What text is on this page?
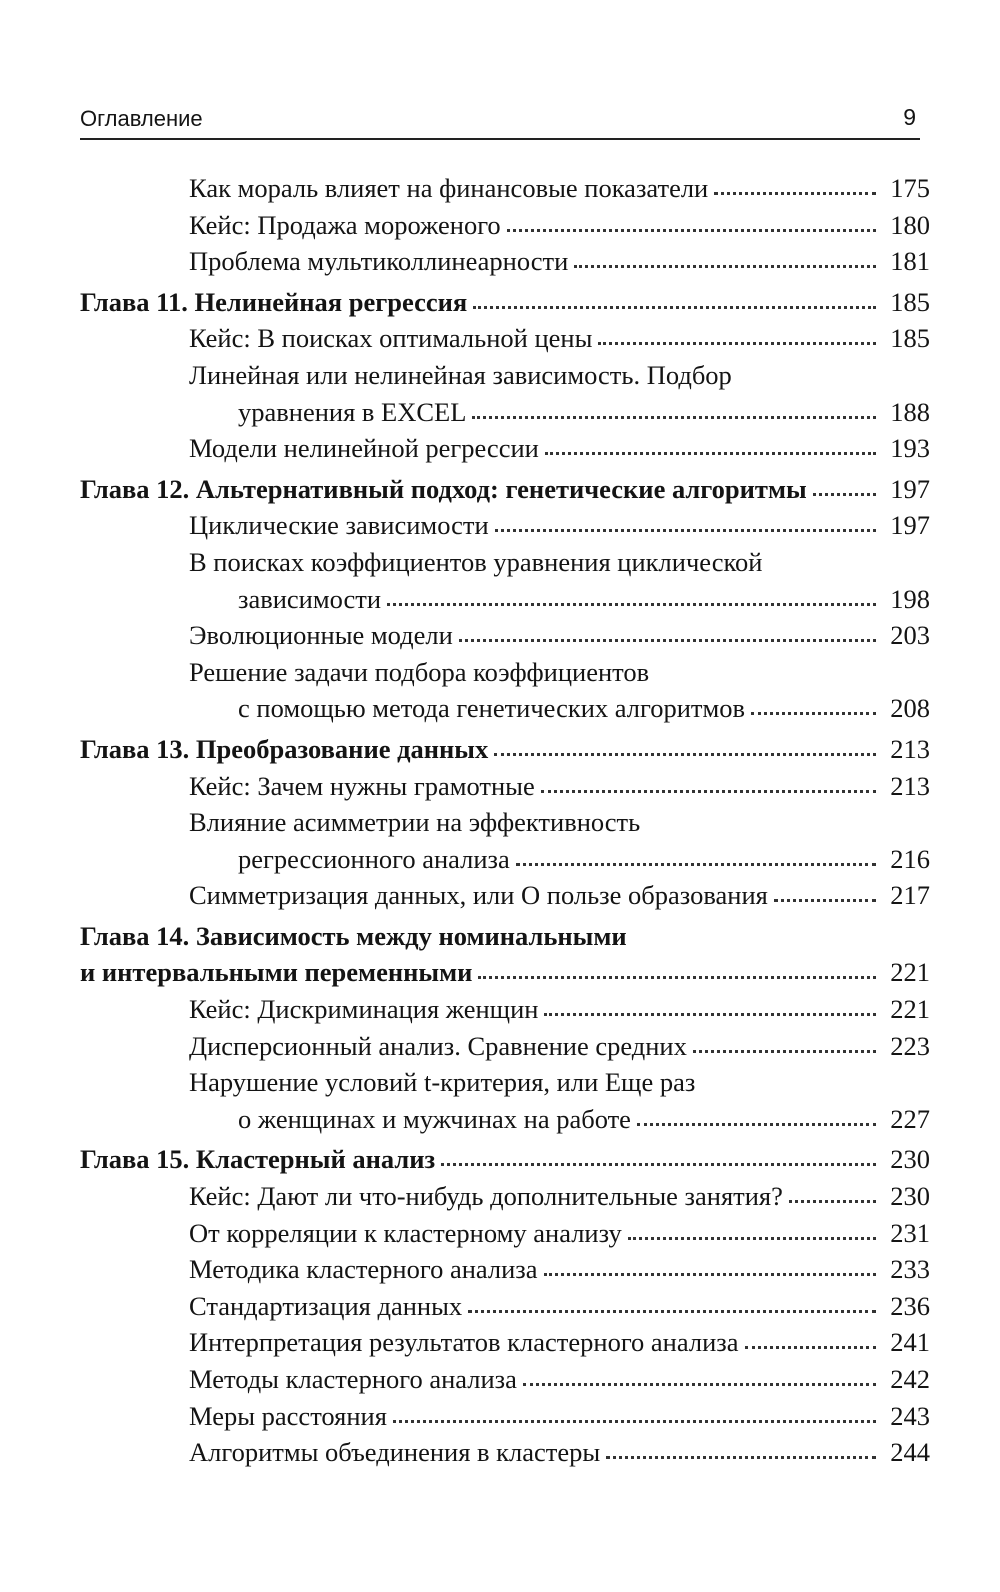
Оглавление	9
Как мораль влияет на финансовые показатели	175
Кейс: Продажа мороженого	180
Проблема мультиколлинеарности	181
Глава 11. Нелинейная регрессия	185
Кейс: В поисках оптимальной цены	185
Линейная или нелинейная зависимость. Подбор
уравнения в EXCEL	188
Модели нелинейной регрессии	193
Глава 12. Альтернативный подход: генетические алгоритмы	197
Циклические зависимости	197
В поисках коэффициентов уравнения циклической
зависимости	198
Эволюционные модели	203
Решение задачи подбора коэффициентов
с помощью метода генетических алгоритмов	208
Глава 13. Преобразование данных	213
Кейс: Зачем нужны грамотные	213
Влияние асимметрии на эффективность
регрессионного анализа	216
Симметризация данных, или О пользе образования	217
Глава 14. Зависимость между номинальными
и интервальными переменными	221
Кейс: Дискриминация женщин	221
Дисперсионный анализ. Сравнение средних	223
Нарушение условий t-критерия, или Еще раз
о женщинах и мужчинах на работе	227
Глава 15. Кластерный анализ	230
Кейс: Дают ли что-нибудь дополнительные занятия?	230
От корреляции к кластерному анализу	231
Методика кластерного анализа	233
Стандартизация данных	236
Интерпретация результатов кластерного анализа	241
Методы кластерного анализа	242
Меры расстояния	243
Алгоритмы объединения в кластеры	244
